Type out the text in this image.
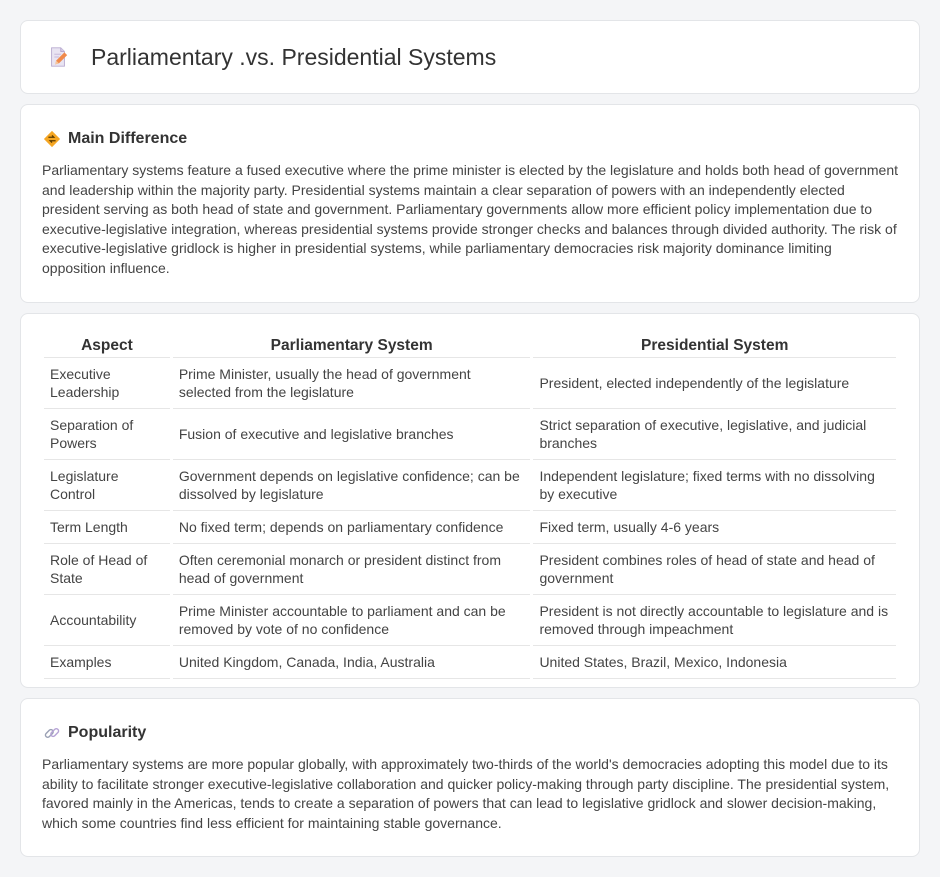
Parliamentary .vs. Presidential Systems
Main Difference

Parliamentary systems feature a fused executive where the prime minister is elected by the legislature and holds both head of government and leadership within the majority party. Presidential systems maintain a clear separation of powers with an independently elected president serving as both head of state and government. Parliamentary governments allow more efficient policy implementation due to executive-legislative integration, whereas presidential systems provide stronger checks and balances through divided authority. The risk of executive-legislative gridlock is higher in presidential systems, while parliamentary democracies risk majority dominance limiting opposition influence.

Aspect	Parliamentary System	Presidential System
Executive Leadership	Prime Minister, usually the head of government selected from the legislature	President, elected independently of the legislature
Separation of Powers	Fusion of executive and legislative branches	Strict separation of executive, legislative, and judicial branches
Legislature Control	Government depends on legislative confidence; can be dissolved by legislature	Independent legislature; fixed terms with no dissolving by executive
Term Length	No fixed term; depends on parliamentary confidence	Fixed term, usually 4-6 years
Role of Head of State	Often ceremonial monarch or president distinct from head of government	President combines roles of head of state and head of government
Accountability	Prime Minister accountable to parliament and can be removed by vote of no confidence	President is not directly accountable to legislature and is removed through impeachment
Examples	United Kingdom, Canada, India, Australia	United States, Brazil, Mexico, Indonesia
Popularity

Parliamentary systems are more popular globally, with approximately two-thirds of the world's democracies adopting this model due to its ability to facilitate stronger executive-legislative collaboration and quicker policy-making through party discipline. The presidential system, favored mainly in the Americas, tends to create a separation of powers that can lead to legislative gridlock and slower decision-making, which some countries find less efficient for maintaining stable governance.
